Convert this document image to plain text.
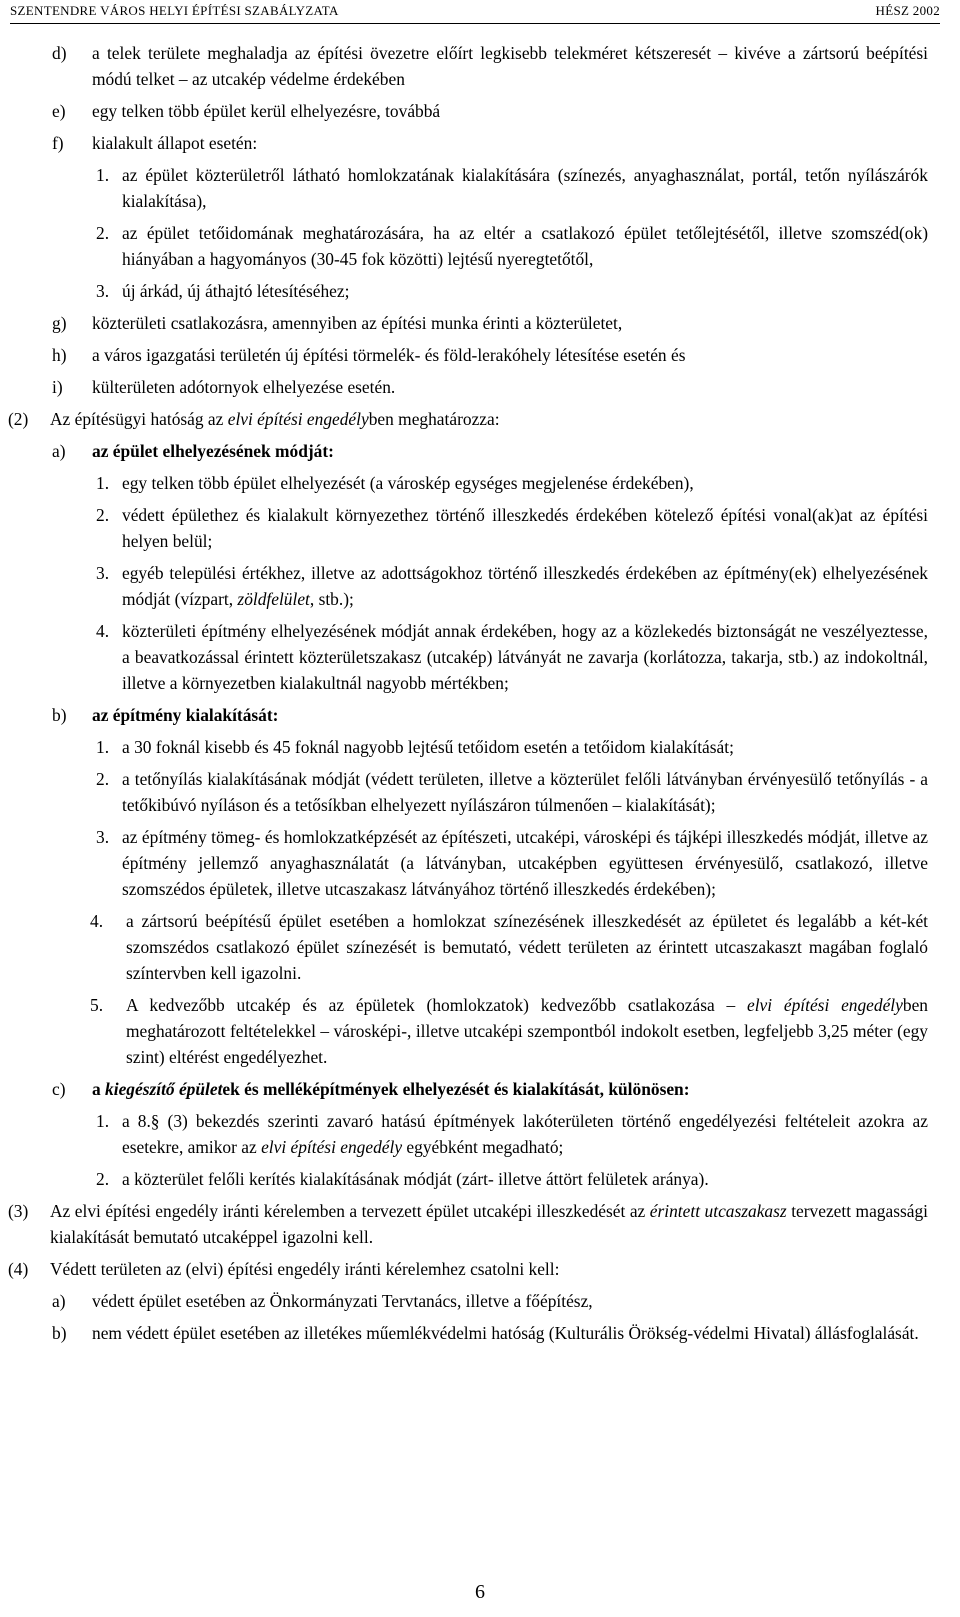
SZENTENDRE VÁROS HELYI ÉPÍTÉSI SZABÁLYZATA	HÉSZ 2002
d) a telek területe meghaladja az építési övezetre előírt legkisebb telekméret kétszeresét – kivéve a zártsorú beépítési módú telket – az utcakép védelme érdekében
e) egy telken több épület kerül elhelyezésre, továbbá
f) kialakult állapot esetén:
1. az épület közterületről látható homlokzatának kialakítására (színezés, anyaghasználat, portál, tetőn nyílászárók kialakítása),
2. az épület tetőidomának meghatározására, ha az eltér a csatlakozó épület tetőlejtésétől, illetve szomszéd(ok) hiányában a hagyományos (30-45 fok közötti) lejtésű nyeregtetőtől,
3. új árkád, új áthajtó létesítéséhez;
g) közterületi csatlakozásra, amennyiben az építési munka érinti a közterületet,
h) a város igazgatási területén új építési törmelék- és föld-lerakóhely létesítése esetén és
i) külterületen adótornyok elhelyezése esetén.
(2) Az építésügyi hatóság az elvi építési engedélyben meghatározza:
a) az épület elhelyezésének módját:
1. egy telken több épület elhelyezését (a városkép egységes megjelenése érdekében),
2. védett épülethez és kialakult környezethez történő illeszkedés érdekében kötelező építési vonal(ak)at az építési helyen belül;
3. egyéb települési értékhez, illetve az adottságokhoz történő illeszkedés érdekében az építmény(ek) elhelyezésének módját (vízpart, zöldfelület, stb.);
4. közterületi építmény elhelyezésének módját annak érdekében, hogy az a közlekedés biztonságát ne veszélyeztesse, a beavatkozással érintett közterületszakasz (utcakép) látványát ne zavarja (korlátozza, takarja, stb.) az indokoltnál, illetve a környezetben kialakultnál nagyobb mértékben;
b) az építmény kialakítását:
1. a 30 foknál kisebb és 45 foknál nagyobb lejtésű tetőidom esetén a tetőidom kialakítását;
2. a tetőnyílás kialakításának módját (védett területen, illetve a közterület felőli látványban érvényesülő tetőnyílás - a tetőkibúvó nyíláson és a tetősíkban elhelyezett nyílászáron túlmenően – kialakítását);
3. az építmény tömeg- és homlokzatképzését az építészeti, utcaképi, városképi és tájképi illeszkedés módját, illetve az építmény jellemző anyaghasználatát (a látványban, utcaképben együttesen érvényesülő, csatlakozó, illetve szomszédos épületek, illetve utcaszakasz látványához történő illeszkedés érdekében);
4. a zártsorú beépítésű épület esetében a homlokzat színezésének illeszkedését az épületet és legalább a két-két szomszédos csatlakozó épület színezését is bemutató, védett területen az érintett utcaszakaszt magában foglaló színtervben kell igazolni.
5. A kedvezőbb utcakép és az épületek (homlokzatok) kedvezőbb csatlakozása – elvi építési engedélyben meghatározott feltételekkel – városképi-, illetve utcaképi szempontból indokolt esetben, legfeljebb 3,25 méter (egy szint) eltérést engedélyezhet.
c) a kiegészítő épületek és melléképítmények elhelyezését és kialakítását, különösen:
1. a 8.§ (3) bekezdés szerinti zavaró hatású építmények lakóterületen történő engedélyezési feltételeit azokra az esetekre, amikor az elvi építési engedély egyébként megadható;
2. a közterület felőli kerítés kialakításának módját (zárt- illetve áttört felületek aránya).
(3) Az elvi építési engedély iránti kérelemben a tervezett épület utcaképi illeszkedését az érintett utcaszakasz tervezett magassági kialakítását bemutató utcaképpel igazolni kell.
(4) Védett területen az (elvi) építési engedély iránti kérelemhez csatolni kell:
a) védett épület esetében az Önkormányzati Tervtanács, illetve a főépítész,
b) nem védett épület esetében az illetékes műemlékvédelmi hatóság (Kulturális Örökség-védelmi Hivatal) állásfoglalását.
6
